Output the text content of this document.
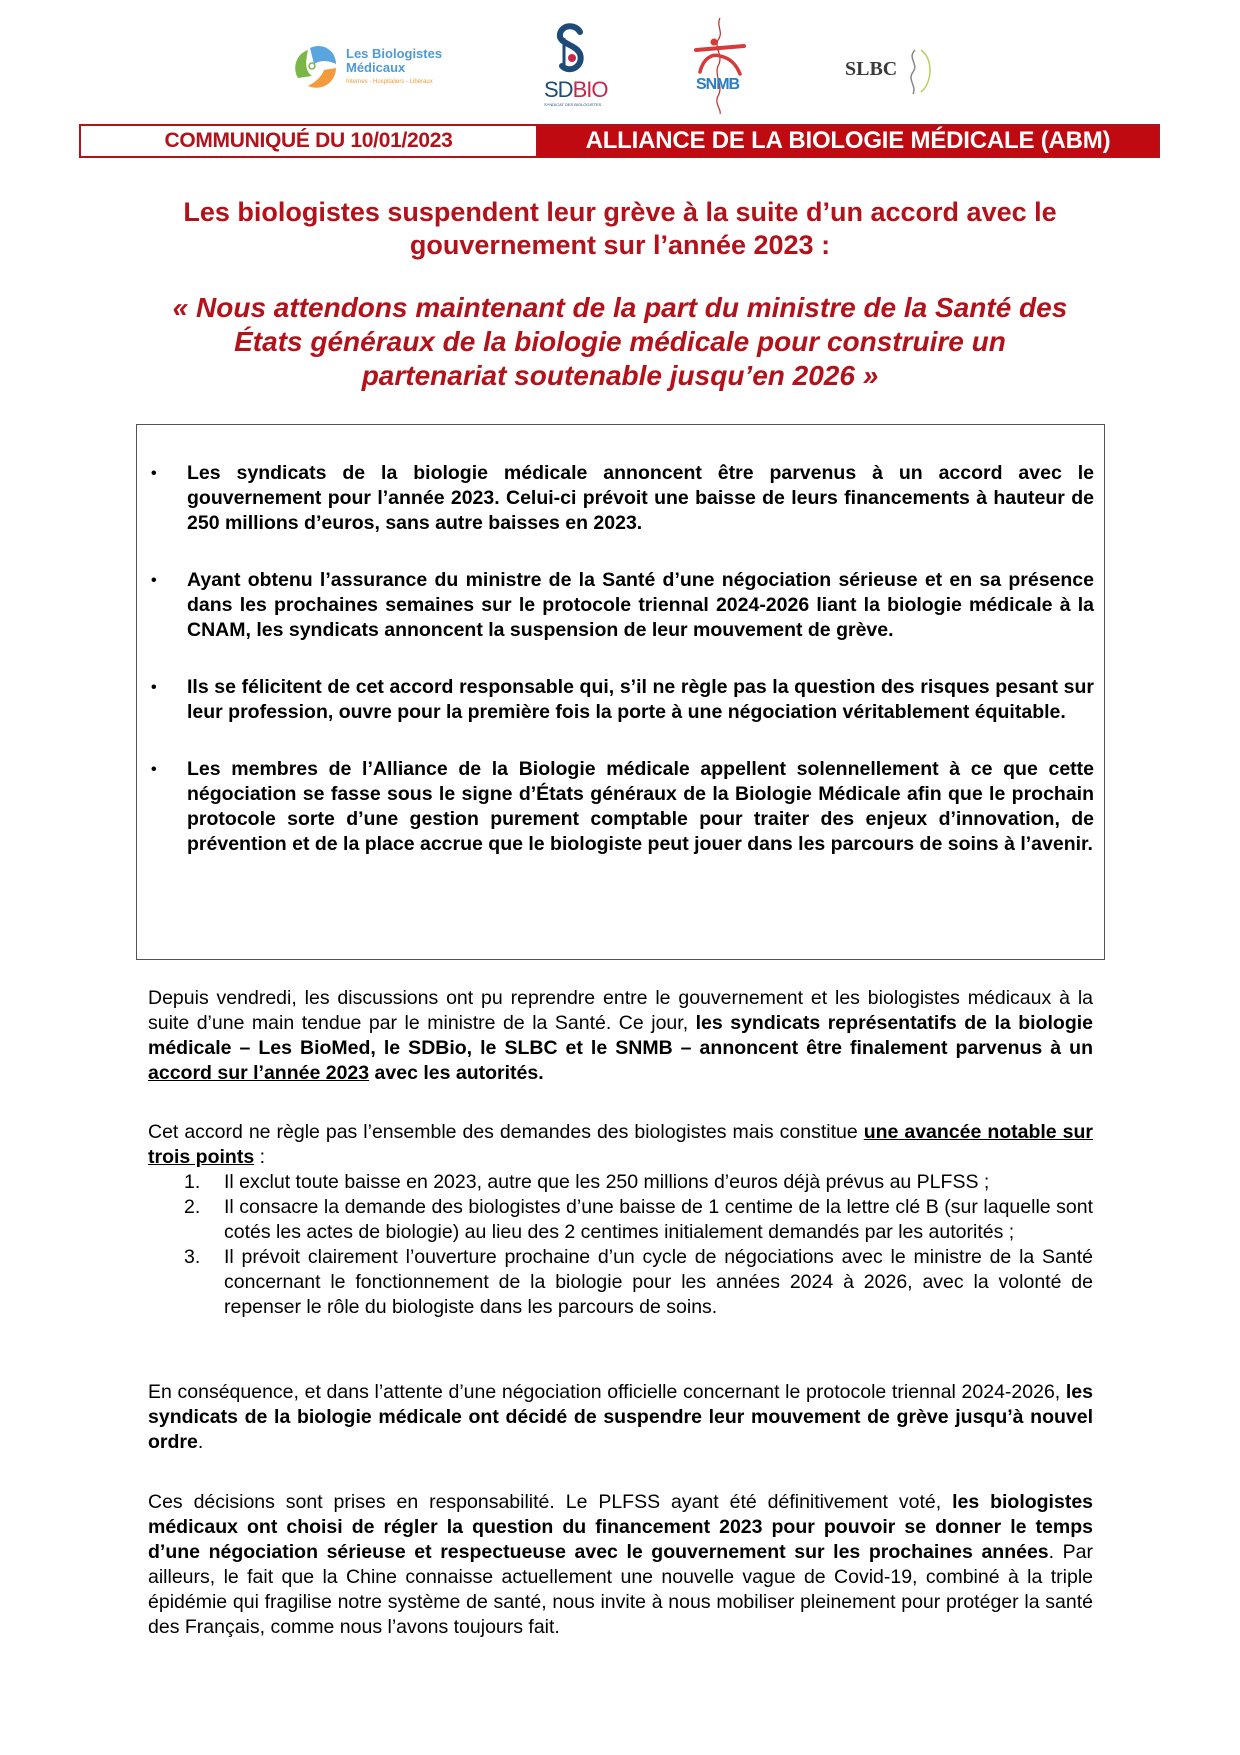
Les Biologistes
Médicaux
Internes - Hospitaliers - Libéraux	SDBIO
SYNDICAT DES BIOLOGISTES
SNMB
SLBC
COMMUNIQUÉ DU 10/01/2023	ALLIANCE DE LA BIOLOGIE MÉDICALE (ABM)
Les biologistes suspendent leur grève à la suite d’un accord avec le
gouvernement sur l’année 2023 :
« Nous attendons maintenant de la part du ministre de la Santé des
États généraux de la biologie médicale pour construire un
partenariat soutenable jusqu’en 2026 »
• Les syndicats de la biologie médicale annoncent être parvenus à un accord avec le gouvernement pour l’année 2023. Celui-ci prévoit une baisse de leurs financements à hauteur de 250 millions d’euros, sans autre baisses en 2023.
• Ayant obtenu l’assurance du ministre de la Santé d’une négociation sérieuse et en sa présence dans les prochaines semaines sur le protocole triennal 2024-2026 liant la biologie médicale à la CNAM, les syndicats annoncent la suspension de leur mouvement de grève.
• Ils se félicitent de cet accord responsable qui, s’il ne règle pas la question des risques pesant sur leur profession, ouvre pour la première fois la porte à une négociation véritablement équitable.
• Les membres de l’Alliance de la Biologie médicale appellent solennellement à ce que cette négociation se fasse sous le signe d’États généraux de la Biologie Médicale afin que le prochain protocole sorte d’une gestion purement comptable pour traiter des enjeux d’innovation, de prévention et de la place accrue que le biologiste peut jouer dans les parcours de soins à l’avenir.
Depuis vendredi, les discussions ont pu reprendre entre le gouvernement et les biologistes médicaux à la suite d’une main tendue par le ministre de la Santé. Ce jour, les syndicats représentatifs de la biologie médicale – Les BioMed, le SDBio, le SLBC et le SNMB – annoncent être finalement parvenus à un accord sur l’année 2023 avec les autorités.
Cet accord ne règle pas l’ensemble des demandes des biologistes mais constitue une avancée notable sur trois points :
1. Il exclut toute baisse en 2023, autre que les 250 millions d’euros déjà prévus au PLFSS ;
2. Il consacre la demande des biologistes d’une baisse de 1 centime de la lettre clé B (sur laquelle sont cotés les actes de biologie) au lieu des 2 centimes initialement demandés par les autorités ;
3. Il prévoit clairement l’ouverture prochaine d’un cycle de négociations avec le ministre de la Santé concernant le fonctionnement de la biologie pour les années 2024 à 2026, avec la volonté de repenser le rôle du biologiste dans les parcours de soins.
En conséquence, et dans l’attente d’une négociation officielle concernant le protocole triennal 2024-2026, les syndicats de la biologie médicale ont décidé de suspendre leur mouvement de grève jusqu’à nouvel ordre.
Ces décisions sont prises en responsabilité. Le PLFSS ayant été définitivement voté, les biologistes médicaux ont choisi de régler la question du financement 2023 pour pouvoir se donner le temps d’une négociation sérieuse et respectueuse avec le gouvernement sur les prochaines années. Par ailleurs, le fait que la Chine connaisse actuellement une nouvelle vague de Covid-19, combiné à la triple épidémie qui fragilise notre système de santé, nous invite à nous mobiliser pleinement pour protéger la santé des Français, comme nous l’avons toujours fait.
